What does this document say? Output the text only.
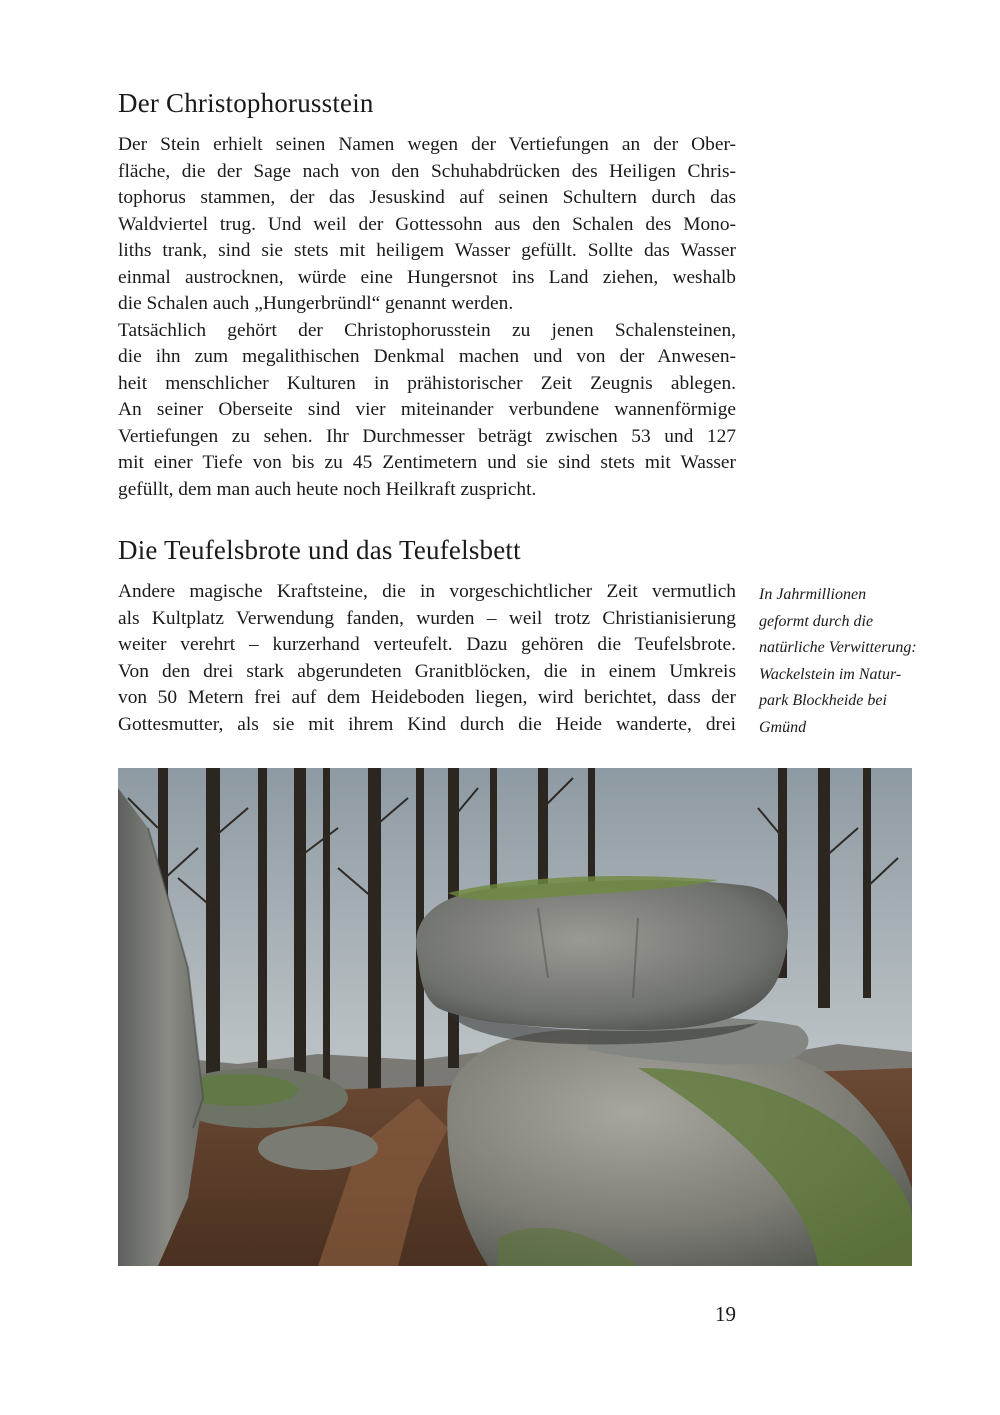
Der Christophorusstein
Der Stein erhielt seinen Namen wegen der Vertiefungen an der Ober-
fläche, die der Sage nach von den Schuhabdrücken des Heiligen Chris-
tophorus stammen, der das Jesuskind auf seinen Schultern durch das
Waldviertel trug. Und weil der Gottessohn aus den Schalen des Mono-
liths trank, sind sie stets mit heiligem Wasser gefüllt. Sollte das Wasser
einmal austrocknen, würde eine Hungersnot ins Land ziehen, weshalb
die Schalen auch „Hungerbründl“ genannt werden.
Tatsächlich gehört der Christophorusstein zu jenen Schalensteinen,
die ihn zum megalithischen Denkmal machen und von der Anwesen-
heit menschlicher Kulturen in prähistorischer Zeit Zeugnis ablegen.
An seiner Oberseite sind vier miteinander verbundene wannenförmige
Vertiefungen zu sehen. Ihr Durchmesser beträgt zwischen 53 und 127
mit einer Tiefe von bis zu 45 Zentimetern und sie sind stets mit Wasser
gefüllt, dem man auch heute noch Heilkraft zuspricht.
Die Teufelsbrote und das Teufelsbett
Andere magische Kraftsteine, die in vorgeschichtlicher Zeit vermutlich
als Kultplatz Verwendung fanden, wurden – weil trotz Christianisierung
weiter verehrt – kurzerhand verteufelt. Dazu gehören die Teufelsbrote.
Von den drei stark abgerundeten Granitblöcken, die in einem Umkreis
von 50 Metern frei auf dem Heideboden liegen, wird berichtet, dass der
Gottesmutter, als sie mit ihrem Kind durch die Heide wanderte, drei
In Jahrmillionen
geformt durch die
natürliche Verwitterung:
Wackelstein im Natur-
park Blockheide bei
Gmünd
19
